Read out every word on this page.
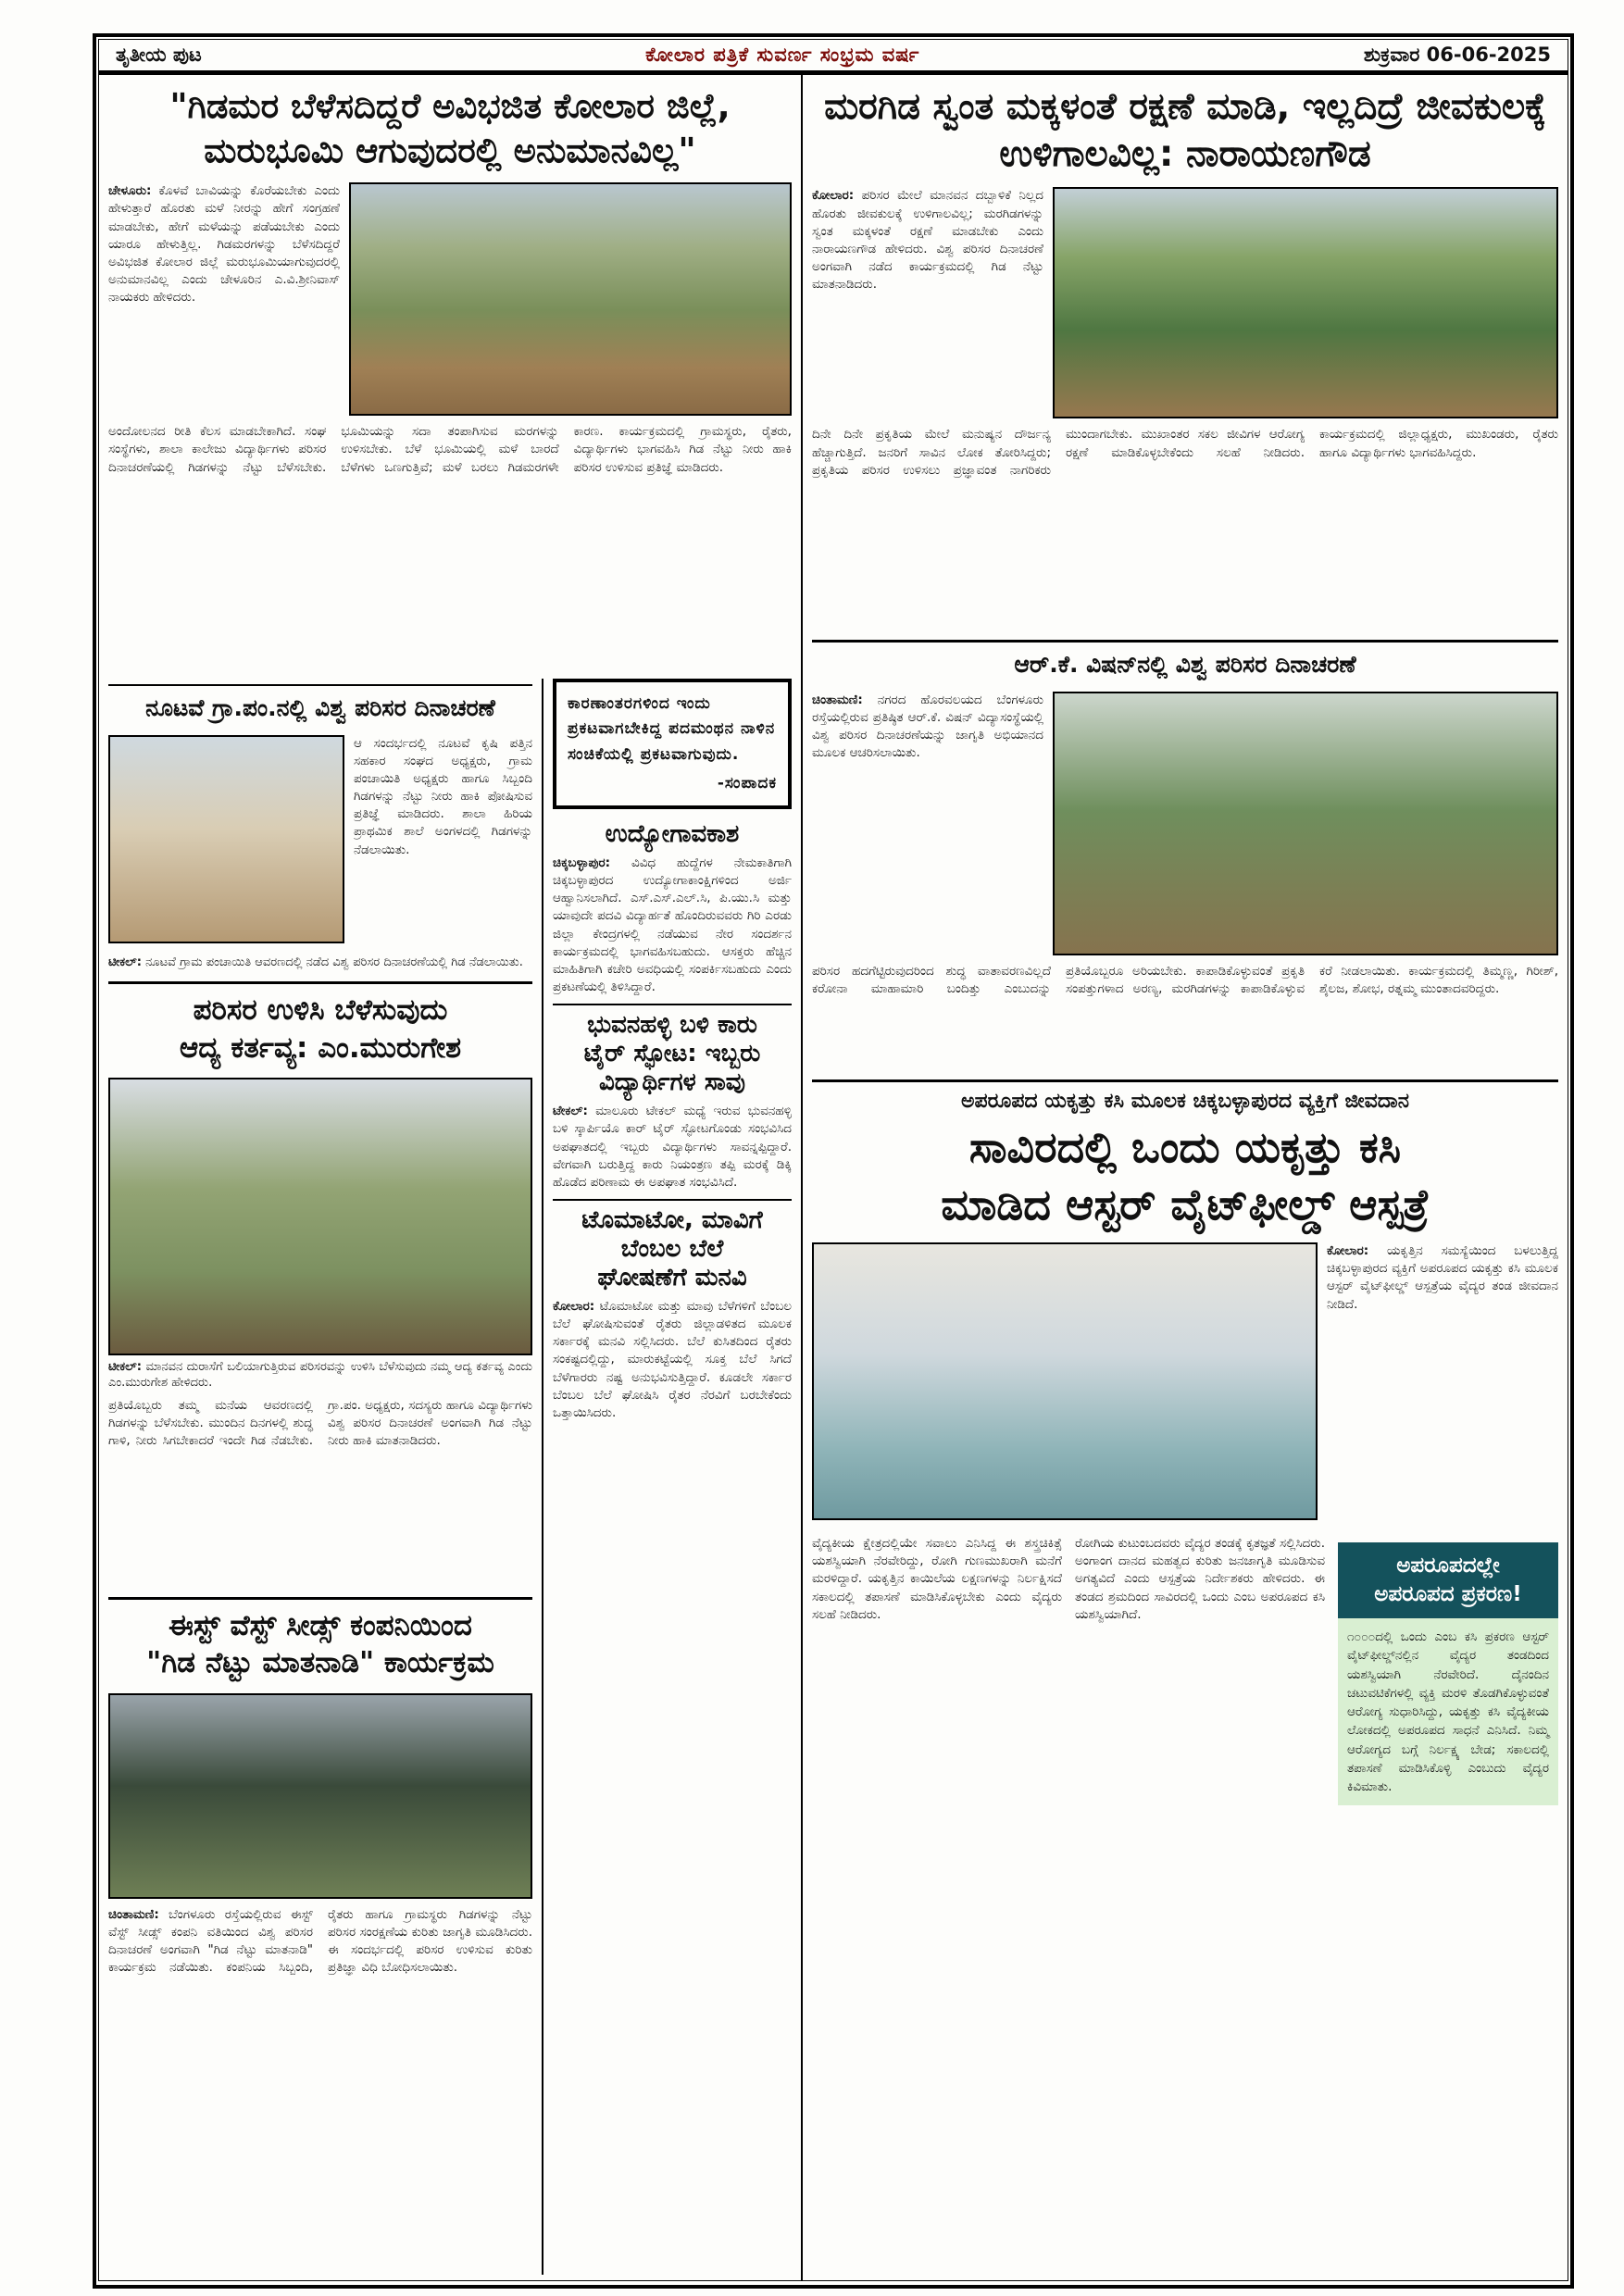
ತೃತೀಯ ಪುಟ	ಕೋಲಾರ ಪತ್ರಿಕೆ ಸುವರ್ಣ ಸಂಭ್ರಮ ವರ್ಷ	ಶುಕ್ರವಾರ 06-06-2025
"ಗಿಡಮರ ಬೆಳೆಸದಿದ್ದರೆ ಅವಿಭಜಿತ ಕೋಲಾರ ಜಿಲ್ಲೆ, ಮರುಭೂಮಿ ಆಗುವುದರಲ್ಲಿ ಅನುಮಾನವಿಲ್ಲ"
ಚೇಳೂರು: ಕೊಳವೆ ಬಾವಿಯನ್ನು ಕೊರೆಯಬೇಕು ಎಂದು ಹೇಳುತ್ತಾರೆ ಹೊರತು ಮಳೆ ನೀರನ್ನು ಹೇಗೆ ಸಂಗ್ರಹಣೆ ಮಾಡಬೇಕು, ಹೇಗೆ ಮಳೆಯನ್ನು ಪಡೆಯಬೇಕು ಎಂದು ಯಾರೂ ಹೇಳುತ್ತಿಲ್ಲ. ಗಿಡಮರಗಳನ್ನು ಬೆಳೆಸದಿದ್ದರೆ ಅವಿಭಜಿತ ಕೋಲಾರ ಜಿಲ್ಲೆ ಮರುಭೂಮಿಯಾಗುವುದರಲ್ಲಿ ಅನುಮಾನವಿಲ್ಲ ಎಂದು ಚೇಳೂರಿನ ಎ.ವಿ.ಶ್ರೀನಿವಾಸ್ ನಾಯಕರು ಹೇಳಿದರು.
ಅಂದೋಲನದ ರೀತಿ ಕೆಲಸ ಮಾಡಬೇಕಾಗಿದೆ. ಸಂಘ ಸಂಸ್ಥೆಗಳು, ಶಾಲಾ ಕಾಲೇಜು ವಿದ್ಯಾರ್ಥಿಗಳು ಪರಿಸರ ದಿನಾಚರಣೆಯಲ್ಲಿ ಗಿಡಗಳನ್ನು ನೆಟ್ಟು ಬೆಳೆಸಬೇಕು. ಭೂಮಿಯನ್ನು ಸದಾ ತಂಪಾಗಿಸುವ ಮರಗಳನ್ನು ಉಳಿಸಬೇಕು. ಬೆಳೆ ಭೂಮಿಯಲ್ಲಿ ಮಳೆ ಬಾರದೆ ಬೆಳೆಗಳು ಒಣಗುತ್ತಿವೆ; ಮಳೆ ಬರಲು ಗಿಡಮರಗಳೇ ಕಾರಣ. ಕಾರ್ಯಕ್ರಮದಲ್ಲಿ ಗ್ರಾಮಸ್ಥರು, ರೈತರು, ವಿದ್ಯಾರ್ಥಿಗಳು ಭಾಗವಹಿಸಿ ಗಿಡ ನೆಟ್ಟು ನೀರು ಹಾಕಿ ಪರಿಸರ ಉಳಿಸುವ ಪ್ರತಿಜ್ಞೆ ಮಾಡಿದರು.
ನೂಟವೆ ಗ್ರಾ.ಪಂ.ನಲ್ಲಿ ವಿಶ್ವ ಪರಿಸರ ದಿನಾಚರಣೆ
ಆ ಸಂದರ್ಭದಲ್ಲಿ ನೂಟವೆ ಕೃಷಿ ಪತ್ತಿನ ಸಹಕಾರ ಸಂಘದ ಅಧ್ಯಕ್ಷರು, ಗ್ರಾಮ ಪಂಚಾಯಿತಿ ಅಧ್ಯಕ್ಷರು ಹಾಗೂ ಸಿಬ್ಬಂದಿ ಗಿಡಗಳನ್ನು ನೆಟ್ಟು ನೀರು ಹಾಕಿ ಪೋಷಿಸುವ ಪ್ರತಿಜ್ಞೆ ಮಾಡಿದರು. ಶಾಲಾ ಹಿರಿಯ ಪ್ರಾಥಮಿಕ ಶಾಲೆ ಅಂಗಳದಲ್ಲಿ ಗಿಡಗಳನ್ನು ನೆಡಲಾಯಿತು.
ಟೀಕಲ್: ನೂಟವೆ ಗ್ರಾಮ ಪಂಚಾಯಿತಿ ಆವರಣದಲ್ಲಿ ನಡೆದ ವಿಶ್ವ ಪರಿಸರ ದಿನಾಚರಣೆಯಲ್ಲಿ ಗಿಡ ನೆಡಲಾಯಿತು.
ಪರಿಸರ ಉಳಿಸಿ ಬೆಳೆಸುವುದು
ಆದ್ಯ ಕರ್ತವ್ಯ: ಎಂ.ಮುರುಗೇಶ
ಟೀಕಲ್: ಮಾನವನ ದುರಾಸೆಗೆ ಬಲಿಯಾಗುತ್ತಿರುವ ಪರಿಸರವನ್ನು ಉಳಿಸಿ ಬೆಳೆಸುವುದು ನಮ್ಮ ಆದ್ಯ ಕರ್ತವ್ಯ ಎಂದು ಎಂ.ಮುರುಗೇಶ ಹೇಳಿದರು.
ಪ್ರತಿಯೊಬ್ಬರು ತಮ್ಮ ಮನೆಯ ಆವರಣದಲ್ಲಿ ಗಿಡಗಳನ್ನು ಬೆಳೆಸಬೇಕು. ಮುಂದಿನ ದಿನಗಳಲ್ಲಿ ಶುದ್ಧ ಗಾಳಿ, ನೀರು ಸಿಗಬೇಕಾದರೆ ಇಂದೇ ಗಿಡ ನೆಡಬೇಕು. ಗ್ರಾ.ಪಂ. ಅಧ್ಯಕ್ಷರು, ಸದಸ್ಯರು ಹಾಗೂ ವಿದ್ಯಾರ್ಥಿಗಳು ವಿಶ್ವ ಪರಿಸರ ದಿನಾಚರಣೆ ಅಂಗವಾಗಿ ಗಿಡ ನೆಟ್ಟು ನೀರು ಹಾಕಿ ಮಾತನಾಡಿದರು.
ಈಸ್ಟ್ ವೆಸ್ಟ್ ಸೀಡ್ಸ್ ಕಂಪನಿಯಿಂದ
"ಗಿಡ ನೆಟ್ಟು ಮಾತನಾಡಿ" ಕಾರ್ಯಕ್ರಮ
ಚಿಂತಾಮಣಿ: ಬೆಂಗಳೂರು ರಸ್ತೆಯಲ್ಲಿರುವ ಈಸ್ಟ್ ವೆಸ್ಟ್ ಸೀಡ್ಸ್ ಕಂಪನಿ ವತಿಯಿಂದ ವಿಶ್ವ ಪರಿಸರ ದಿನಾಚರಣೆ ಅಂಗವಾಗಿ "ಗಿಡ ನೆಟ್ಟು ಮಾತನಾಡಿ" ಕಾರ್ಯಕ್ರಮ ನಡೆಯಿತು. ಕಂಪನಿಯ ಸಿಬ್ಬಂದಿ, ರೈತರು ಹಾಗೂ ಗ್ರಾಮಸ್ಥರು ಗಿಡಗಳನ್ನು ನೆಟ್ಟು ಪರಿಸರ ಸಂರಕ್ಷಣೆಯ ಕುರಿತು ಜಾಗೃತಿ ಮೂಡಿಸಿದರು. ಈ ಸಂದರ್ಭದಲ್ಲಿ ಪರಿಸರ ಉಳಿಸುವ ಕುರಿತು ಪ್ರತಿಜ್ಞಾ ವಿಧಿ ಬೋಧಿಸಲಾಯಿತು.
ಕಾರಣಾಂತರಗಳಿಂದ ಇಂದು ಪ್ರಕಟವಾಗಬೇಕಿದ್ದ ಪದಮಂಥನ ನಾಳಿನ ಸಂಚಿಕೆಯಲ್ಲಿ ಪ್ರಕಟವಾಗುವುದು.
-ಸಂಪಾದಕ
ಉದ್ಯೋಗಾವಕಾಶ
ಚಿಕ್ಕಬಳ್ಳಾಪುರ: ವಿವಿಧ ಹುದ್ದೆಗಳ ನೇಮಕಾತಿಗಾಗಿ ಚಿಕ್ಕಬಳ್ಳಾಪುರದ ಉದ್ಯೋಗಾಕಾಂಕ್ಷಿಗಳಿಂದ ಅರ್ಜಿ ಆಹ್ವಾನಿಸಲಾಗಿದೆ. ಎಸ್.ಎಸ್.ಎಲ್.ಸಿ, ಪಿ.ಯು.ಸಿ ಮತ್ತು ಯಾವುದೇ ಪದವಿ ವಿದ್ಯಾರ್ಹತೆ ಹೊಂದಿರುವವರು ಗಿರಿ ಎರಡು ಜಿಲ್ಲಾ ಕೇಂದ್ರಗಳಲ್ಲಿ ನಡೆಯುವ ನೇರ ಸಂದರ್ಶನ ಕಾರ್ಯಕ್ರಮದಲ್ಲಿ ಭಾಗವಹಿಸಬಹುದು. ಆಸಕ್ತರು ಹೆಚ್ಚಿನ ಮಾಹಿತಿಗಾಗಿ ಕಚೇರಿ ಅವಧಿಯಲ್ಲಿ ಸಂಪರ್ಕಿಸಬಹುದು ಎಂದು ಪ್ರಕಟಣೆಯಲ್ಲಿ ತಿಳಿಸಿದ್ದಾರೆ.
ಭುವನಹಳ್ಳಿ ಬಳಿ ಕಾರು
ಟೈರ್ ಸ್ಫೋಟ: ಇಬ್ಬರು
ವಿದ್ಯಾರ್ಥಿಗಳ ಸಾವು
ಟೇಕಲ್: ಮಾಲೂರು ಟೇಕಲ್ ಮಧ್ಯೆ ಇರುವ ಭುವನಹಳ್ಳಿ ಬಳಿ ಸ್ಕಾರ್ಪಿಯೊ ಕಾರ್ ಟೈರ್ ಸ್ಫೋಟಗೊಂಡು ಸಂಭವಿಸಿದ ಅಪಘಾತದಲ್ಲಿ ಇಬ್ಬರು ವಿದ್ಯಾರ್ಥಿಗಳು ಸಾವನ್ನಪ್ಪಿದ್ದಾರೆ. ವೇಗವಾಗಿ ಬರುತ್ತಿದ್ದ ಕಾರು ನಿಯಂತ್ರಣ ತಪ್ಪಿ ಮರಕ್ಕೆ ಡಿಕ್ಕಿ ಹೊಡೆದ ಪರಿಣಾಮ ಈ ಅಪಘಾತ ಸಂಭವಿಸಿದೆ.
ಟೊಮಾಟೋ, ಮಾವಿಗೆ
ಬೆಂಬಲ ಬೆಲೆ
ಘೋಷಣೆಗೆ ಮನವಿ
ಕೋಲಾರ: ಟೊಮಾಟೋ ಮತ್ತು ಮಾವು ಬೆಳೆಗಳಿಗೆ ಬೆಂಬಲ ಬೆಲೆ ಘೋಷಿಸುವಂತೆ ರೈತರು ಜಿಲ್ಲಾಡಳಿತದ ಮೂಲಕ ಸರ್ಕಾರಕ್ಕೆ ಮನವಿ ಸಲ್ಲಿಸಿದರು. ಬೆಲೆ ಕುಸಿತದಿಂದ ರೈತರು ಸಂಕಷ್ಟದಲ್ಲಿದ್ದು, ಮಾರುಕಟ್ಟೆಯಲ್ಲಿ ಸೂಕ್ತ ಬೆಲೆ ಸಿಗದೆ ಬೆಳೆಗಾರರು ನಷ್ಟ ಅನುಭವಿಸುತ್ತಿದ್ದಾರೆ. ಕೂಡಲೇ ಸರ್ಕಾರ ಬೆಂಬಲ ಬೆಲೆ ಘೋಷಿಸಿ ರೈತರ ನೆರವಿಗೆ ಬರಬೇಕೆಂದು ಒತ್ತಾಯಿಸಿದರು.
ಮರಗಿಡ ಸ್ವಂತ ಮಕ್ಕಳಂತೆ ರಕ್ಷಣೆ ಮಾಡಿ, ಇಲ್ಲದಿದ್ರೆ ಜೀವಕುಲಕ್ಕೆ ಉಳಿಗಾಲವಿಲ್ಲ: ನಾರಾಯಣಗೌಡ
ಕೋಲಾರ: ಪರಿಸರ ಮೇಲೆ ಮಾನವನ ದಬ್ಬಾಳಿಕೆ ನಿಲ್ಲದ ಹೊರತು ಜೀವಕುಲಕ್ಕೆ ಉಳಿಗಾಲವಿಲ್ಲ; ಮರಗಿಡಗಳನ್ನು ಸ್ವಂತ ಮಕ್ಕಳಂತೆ ರಕ್ಷಣೆ ಮಾಡಬೇಕು ಎಂದು ನಾರಾಯಣಗೌಡ ಹೇಳಿದರು. ವಿಶ್ವ ಪರಿಸರ ದಿನಾಚರಣೆ ಅಂಗವಾಗಿ ನಡೆದ ಕಾರ್ಯಕ್ರಮದಲ್ಲಿ ಗಿಡ ನೆಟ್ಟು ಮಾತನಾಡಿದರು.
ದಿನೇ ದಿನೇ ಪ್ರಕೃತಿಯ ಮೇಲೆ ಮನುಷ್ಯನ ದೌರ್ಜನ್ಯ ಹೆಚ್ಚಾಗುತ್ತಿದೆ. ಜನರಿಗೆ ಸಾವಿನ ಲೋಕ ತೋರಿಸಿದ್ದರು; ಪ್ರಕೃತಿಯ ಪರಿಸರ ಉಳಿಸಲು ಪ್ರಜ್ಞಾವಂತ ನಾಗರಿಕರು ಮುಂದಾಗಬೇಕು. ಮುಖಾಂತರ ಸಕಲ ಜೀವಿಗಳ ಆರೋಗ್ಯ ರಕ್ಷಣೆ ಮಾಡಿಕೊಳ್ಳಬೇಕೆಂದು ಸಲಹೆ ನೀಡಿದರು. ಕಾರ್ಯಕ್ರಮದಲ್ಲಿ ಜಿಲ್ಲಾಧ್ಯಕ್ಷರು, ಮುಖಂಡರು, ರೈತರು ಹಾಗೂ ವಿದ್ಯಾರ್ಥಿಗಳು ಭಾಗವಹಿಸಿದ್ದರು.
ಆರ್.ಕೆ. ವಿಷನ್‌ನಲ್ಲಿ ವಿಶ್ವ ಪರಿಸರ ದಿನಾಚರಣೆ
ಚಿಂತಾಮಣಿ: ನಗರದ ಹೊರವಲಯದ ಬೆಂಗಳೂರು ರಸ್ತೆಯಲ್ಲಿರುವ ಪ್ರತಿಷ್ಠಿತ ಆರ್.ಕೆ. ವಿಷನ್ ವಿದ್ಯಾಸಂಸ್ಥೆಯಲ್ಲಿ ವಿಶ್ವ ಪರಿಸರ ದಿನಾಚರಣೆಯನ್ನು ಜಾಗೃತಿ ಅಭಿಯಾನದ ಮೂಲಕ ಆಚರಿಸಲಾಯಿತು.
ಪರಿಸರ ಹದಗೆಟ್ಟಿರುವುದರಿಂದ ಶುದ್ಧ ವಾತಾವರಣವಿಲ್ಲದೆ ಕರೋನಾ ಮಾಹಾಮಾರಿ ಬಂದಿತ್ತು ಎಂಬುದನ್ನು ಪ್ರತಿಯೊಬ್ಬರೂ ಅರಿಯಬೇಕು. ಕಾಪಾಡಿಕೊಳ್ಳುವಂತೆ ಪ್ರಕೃತಿ ಸಂಪತ್ತುಗಳಾದ ಅರಣ್ಯ, ಮರಗಿಡಗಳನ್ನು ಕಾಪಾಡಿಕೊಳ್ಳುವ ಕರೆ ನೀಡಲಾಯಿತು. ಕಾರ್ಯಕ್ರಮದಲ್ಲಿ ತಿಮ್ಮಣ್ಣ, ಗಿರೀಶ್, ಶೈಲಜ, ಶೋಭ, ರತ್ನಮ್ಮ ಮುಂತಾದವರಿದ್ದರು.
ಅಪರೂಪದ ಯಕೃತ್ತು ಕಸಿ ಮೂಲಕ ಚಿಕ್ಕಬಳ್ಳಾಪುರದ ವ್ಯಕ್ತಿಗೆ ಜೀವದಾನ
ಸಾವಿರದಲ್ಲಿ ಒಂದು ಯಕೃತ್ತು ಕಸಿ
ಮಾಡಿದ ಆಸ್ಟರ್ ವೈಟ್‌ಫೀಲ್ಡ್ ಆಸ್ಪತ್ರೆ
ಕೋಲಾರ: ಯಕೃತ್ತಿನ ಸಮಸ್ಯೆಯಿಂದ ಬಳಲುತ್ತಿದ್ದ ಚಿಕ್ಕಬಳ್ಳಾಪುರದ ವ್ಯಕ್ತಿಗೆ ಅಪರೂಪದ ಯಕೃತ್ತು ಕಸಿ ಮೂಲಕ ಆಸ್ಟರ್ ವೈಟ್‌ಫೀಲ್ಡ್ ಆಸ್ಪತ್ರೆಯ ವೈದ್ಯರ ತಂಡ ಜೀವದಾನ ನೀಡಿದೆ.
ವೈದ್ಯಕೀಯ ಕ್ಷೇತ್ರದಲ್ಲಿಯೇ ಸವಾಲು ಎನಿಸಿದ್ದ ಈ ಶಸ್ತ್ರಚಿಕಿತ್ಸೆ ಯಶಸ್ವಿಯಾಗಿ ನೆರವೇರಿದ್ದು, ರೋಗಿ ಗುಣಮುಖರಾಗಿ ಮನೆಗೆ ಮರಳಿದ್ದಾರೆ. ಯಕೃತ್ತಿನ ಕಾಯಿಲೆಯ ಲಕ್ಷಣಗಳನ್ನು ನಿರ್ಲಕ್ಷಿಸದೆ ಸಕಾಲದಲ್ಲಿ ತಪಾಸಣೆ ಮಾಡಿಸಿಕೊಳ್ಳಬೇಕು ಎಂದು ವೈದ್ಯರು ಸಲಹೆ ನೀಡಿದರು.
ರೋಗಿಯ ಕುಟುಂಬದವರು ವೈದ್ಯರ ತಂಡಕ್ಕೆ ಕೃತಜ್ಞತೆ ಸಲ್ಲಿಸಿದರು. ಅಂಗಾಂಗ ದಾನದ ಮಹತ್ವದ ಕುರಿತು ಜನಜಾಗೃತಿ ಮೂಡಿಸುವ ಅಗತ್ಯವಿದೆ ಎಂದು ಆಸ್ಪತ್ರೆಯ ನಿರ್ದೇಶಕರು ಹೇಳಿದರು. ಈ ತಂಡದ ಶ್ರಮದಿಂದ ಸಾವಿರದಲ್ಲಿ ಒಂದು ಎಂಬ ಅಪರೂಪದ ಕಸಿ ಯಶಸ್ವಿಯಾಗಿದೆ.
ಅಪರೂಪದಲ್ಲೇ
ಅಪರೂಪದ ಪ್ರಕರಣ!
೧೦೦೦ದಲ್ಲಿ ಒಂದು ಎಂಬ ಕಸಿ ಪ್ರಕರಣ ಆಸ್ಟರ್ ವೈಟ್‌ಫೀಲ್ಡ್‌ನಲ್ಲಿನ ವೈದ್ಯರ ತಂಡದಿಂದ ಯಶಸ್ವಿಯಾಗಿ ನೆರವೇರಿದೆ. ದೈನಂದಿನ ಚಟುವಟಿಕೆಗಳಲ್ಲಿ ವ್ಯಕ್ತಿ ಮರಳಿ ತೊಡಗಿಕೊಳ್ಳುವಂತೆ ಆರೋಗ್ಯ ಸುಧಾರಿಸಿದ್ದು, ಯಕೃತ್ತು ಕಸಿ ವೈದ್ಯಕೀಯ ಲೋಕದಲ್ಲಿ ಅಪರೂಪದ ಸಾಧನೆ ಎನಿಸಿದೆ. ನಿಮ್ಮ ಆರೋಗ್ಯದ ಬಗ್ಗೆ ನಿರ್ಲಕ್ಷ್ಯ ಬೇಡ; ಸಕಾಲದಲ್ಲಿ ತಪಾಸಣೆ ಮಾಡಿಸಿಕೊಳ್ಳಿ ಎಂಬುದು ವೈದ್ಯರ ಕಿವಿಮಾತು.
